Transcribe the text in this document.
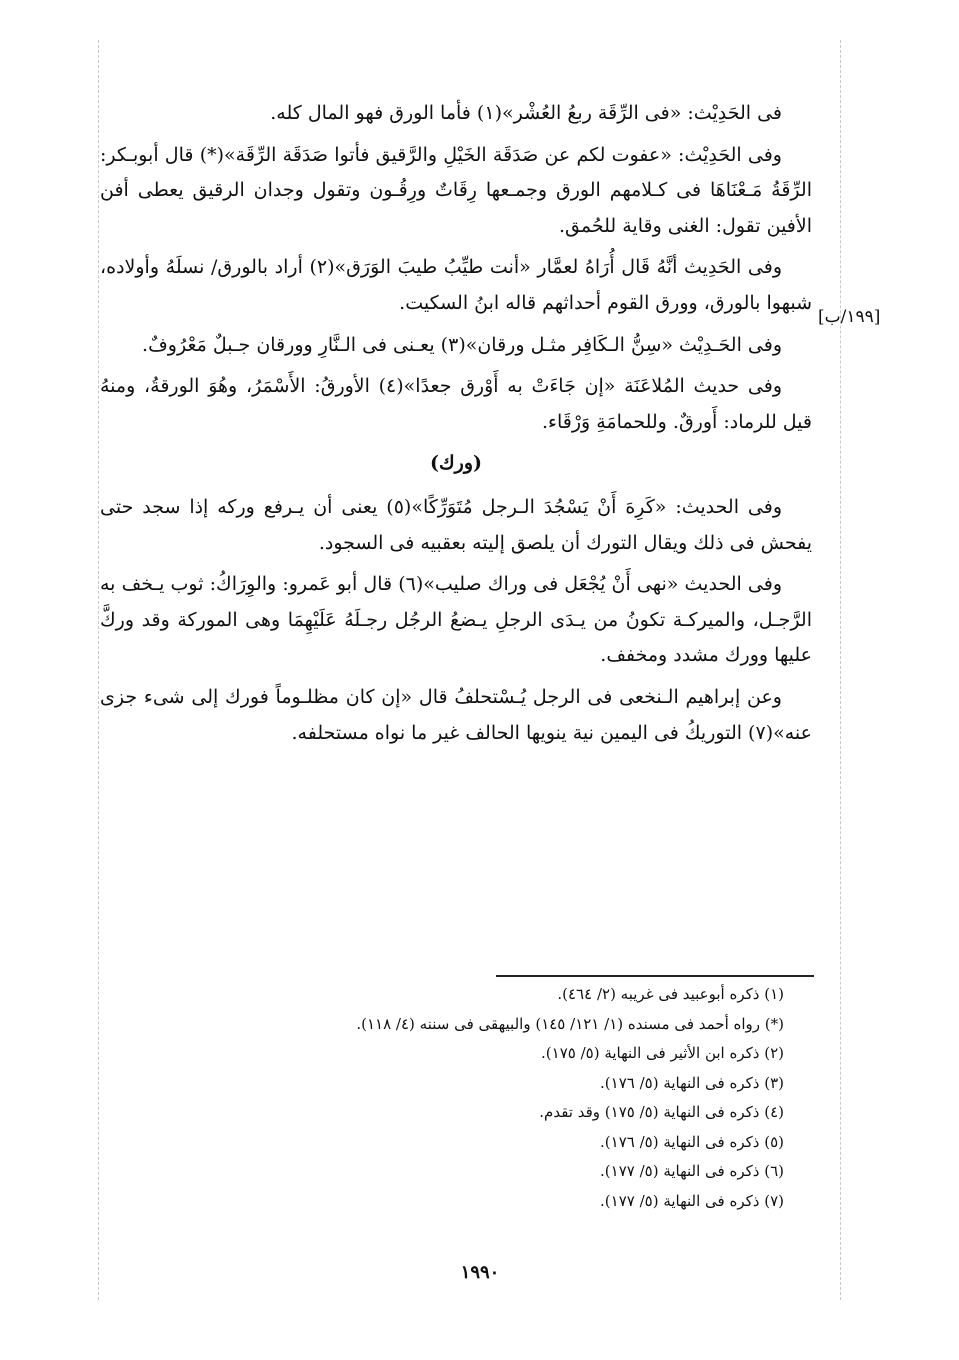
[١٩٩/ب]

فى الحَدِيْث: «فى الرِّقَة ربعُ العُشْر»(١) فأما الورق فهو المال كله.

وفى الحَدِيْث: «عفوت لكم عن صَدَقَة الخَيْلِ والرَّقيق فأتوا صَدَقَة الرِّقَة»(*) قال أبوبـكر: الرِّقَةُ مَـعْنَاهَا فى كـلامهم الورق وجمـعها رِقَاتٌ ورِقُـون وتقول وجدان الرقيق يعطى أفن الأفين تقول: الغنى وقاية للحُمق.

وفى الحَدِيث أنَّهُ قَال أُرَاهُ لعمَّار «أنت طيِّبُ طيبَ الوَرَق»(٢) أراد بالورق/ نسلَهُ وأولاده، شبهوا بالورق، وورق القوم أحداثهم قاله ابنُ السكيت.

وفى الحَـدِيْث «سِنُّ الـكَافِر مثـل ورقان»(٣) يعـنى فى الـنَّارِ وورقان جـبلٌ مَعْرُوفٌ.

وفى حديث المُلاعَنَة «إن جَاءَتْ به أَوْرق جعدًا»(٤) الأورقُ: الأَسْمَرُ، وهُوَ الورقةُ، ومنهُ قيل للرماد: أَورقٌ. وللحمامَةِ وَرْقَاء.

(ورك)

وفى الحديث: «كَرِهَ أَنْ يَسْجُدَ الـرجل مُتَوَرِّكًا»(٥) يعنى أن يـرفع وركه إذا سجد حتى يفحش فى ذلك ويقال التورك أن يلصق إليته بعقبيه فى السجود.

وفى الحديث «نهى أَنْ يُجْعَل فى وراك صليب»(٦) قال أبو عَمرو: والوِرَاكُ: ثوب يـخف به الرَّجـل، والميركـة تكونُ من يـدَى الرجلِ يـضعُ الرجُل رجـلَهُ عَلَيْهِمَا وهى الموركة وقد وركَّ عليها وورك مشدد ومخفف.

وعن إبراهيم الـنخعى فى الرجل يُـسْتحلفُ قال «إن كان مظلـوماً فورك إلى شىء جزى عنه»(٧) التوريكُ فى اليمين نية ينويها الحالف غير ما نواه مستحلفه.

(١) ذكره أبوعبيد فى غريبه (٢/ ٤٦٤).
(*) رواه أحمد فى مسنده (١/ ١٢١/ ١٤٥) والبيهقى فى سننه (٤/ ١١٨).
(٢) ذكره ابن الأثير فى النهاية (٥/ ١٧٥).
(٣) ذكره فى النهاية (٥/ ١٧٦).
(٤) ذكره فى النهاية (٥/ ١٧٥) وقد تقدم.
(٥) ذكره فى النهاية (٥/ ١٧٦).
(٦) ذكره فى النهاية (٥/ ١٧٧).
(٧) ذكره فى النهاية (٥/ ١٧٧).
١٩٩٠
